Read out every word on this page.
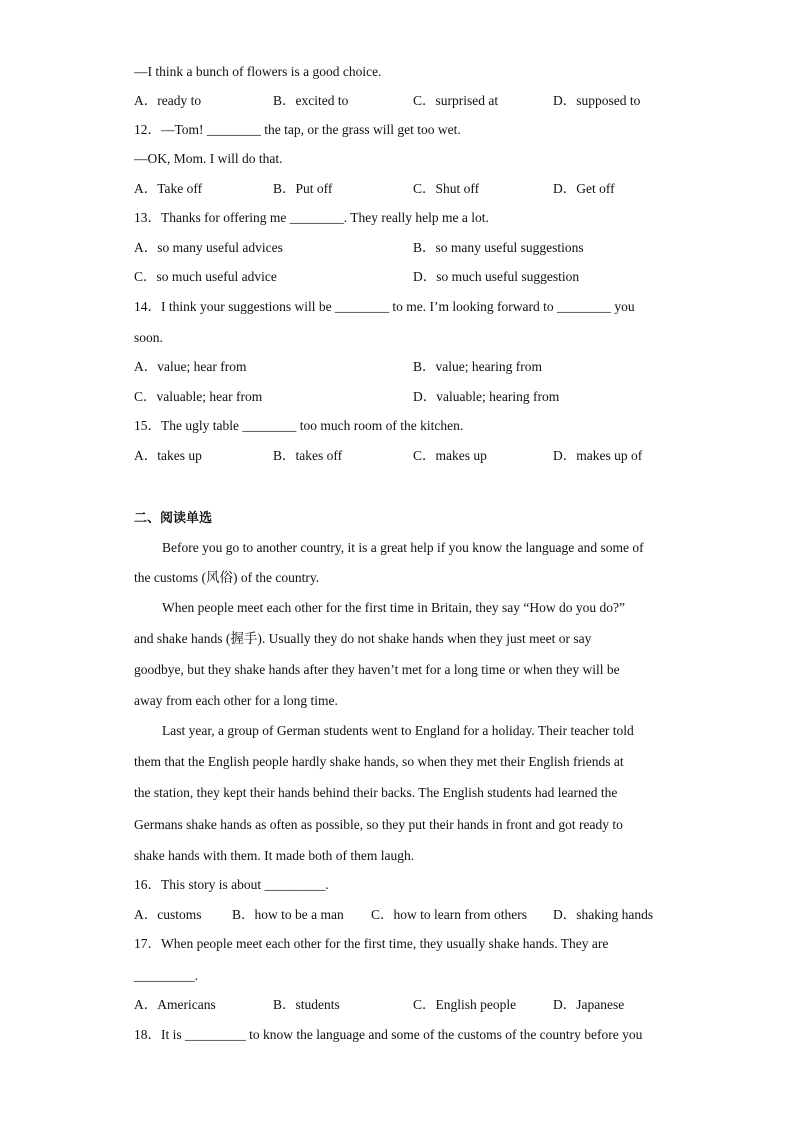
—I think a bunch of flowers is a good choice.
A．ready to	B．excited to	C．surprised at	D．supposed to
12．—Tom! ________ the tap, or the grass will get too wet.
—OK, Mom. I will do that.
A．Take off	B．Put off	C．Shut off	D．Get off
13．Thanks for offering me ________. They really help me a lot.
A．so many useful advices	B．so many useful suggestions
C．so much useful advice	D．so much useful suggestion
14．I think your suggestions will be ________ to me. I’m looking forward to ________ you
soon.
A．value; hear from	B．value; hearing from
C．valuable; hear from	D．valuable; hearing from
15．The ugly table ________ too much room of the kitchen.
A．takes up	B．takes off	C．makes up	D．makes up of
二、阅读单选
Before you go to another country, it is a great help if you know the language and some of
the customs (风俗) of the country.
When people meet each other for the first time in Britain, they say “How do you do?”
and shake hands (握手). Usually they do not shake hands when they just meet or say
goodbye, but they shake hands after they haven’t met for a long time or when they will be
away from each other for a long time.
Last year, a group of German students went to England for a holiday. Their teacher told
them that the English people hardly shake hands, so when they met their English friends at
the station, they kept their hands behind their backs. The English students had learned the
Germans shake hands as often as possible, so they put their hands in front and got ready to
shake hands with them. It made both of them laugh.
16．This story is about _________.
A．customs B．how to be a man C．how to learn from others D．shaking hands
17．When people meet each other for the first time, they usually shake hands. They are
_________.
A．Americans	B．students	C．English people	D．Japanese
18．It is _________ to know the language and some of the customs of the country before you
